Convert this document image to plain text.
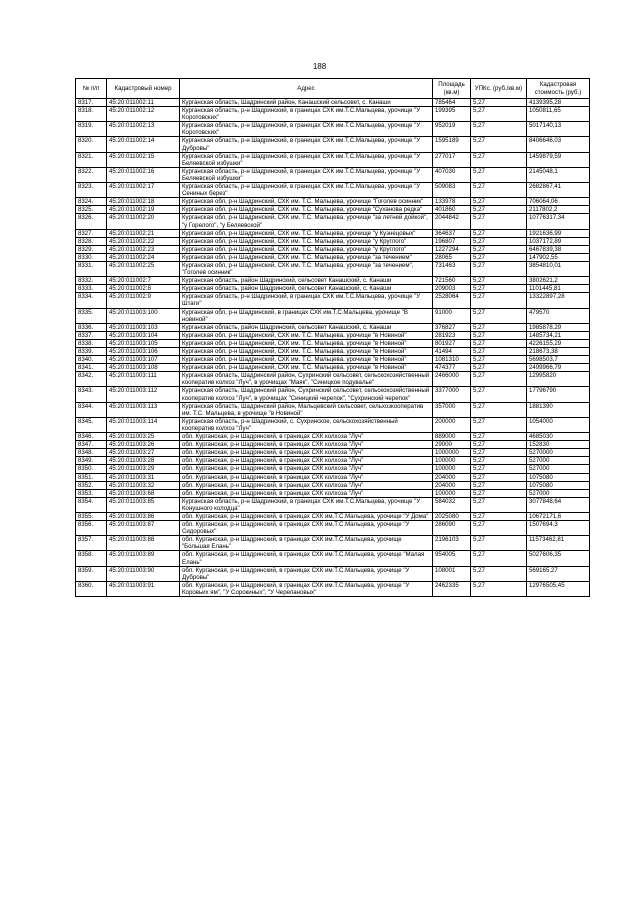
188
№ п/п	Кадастровый номер	Адрес	Площадь (кв.м)	УПКс. (руб./кв.м)	Кадастровая стоимость (руб.)
8317.	45:20:011002:11	Курганская область, Шадринский район, Канашский сельсовет, с. Канаши	785464	5,27	4139395,28
8318.	45:20:011002:12	Курганская область, р-н Шадринский, в границах СХК им.Т.С.Мальцева, урочище "У Коротовских"	199395	5,27	1050811,65
8319.	45:20:011002:13	Курганская область, р-н Шадринский, в границах СХК им.Т.С.Мальцева, урочище "У Коротовских"	952019	5,27	5017140,13
8320.	45:20:011002:14	Курганская область, р-н Шадринский, в границах СХК им.Т.С.Мальцева, урочище "У Дубровы"	1595189	5,27	8406646,03
8321.	45:20:011002:15	Курганская область, р-н Шадринский, в границах СХК им.Т.С.Мальцева, урочище "У Беляевской избушки"	277017	5,27	1459879,59
8322.	45:20:011002:16	Курганская область, р-н Шадринский, в границах СХК им.Т.С.Мальцева, урочище "У Беляевской избушки"	407030	5,27	2145048,1
8323.	45:20:011002:17	Курганская область, р-н Шадринский, в границах СХК им.Т.С.Мальцева, урочище "У Сениных берез"	509083	5,27	2682867,41
8324.	45:20:011002:18	Курганская обл, р-н Шадринский, СХК им. Т.С. Мальцева, урочище "Гоголев осинник"	133978	5,27	706064,06
8325.	45:20:011002:19	Курганская обл, р-н Шадринский, СХК им. Т.С. Мальцева, урочище "Суханова редка"	401860	5,27	2117802,2
8326.	45:20:011002:20	Курганская обл, р-н Шадринский, СХК им. Т.С. Мальцева, урочище "за летней дойкой", "у Горелого", "у Беляевской"	2044842	5,27	10776317,34
8327.	45:20:011002:21	Курганская обл, р-н Шадринский, СХК им. Т.С. Мальцева, урочище "у Кузнецовых"	364637	5,27	1921636,99
8328.	45:20:011002:22	Курганская обл, р-н Шадринский, СХК им. Т.С. Мальцева, урочище "у Круглого"	196807	5,27	1037172,89
8329.	45:20:011002:23	Курганская обл, р-н Шадринский, СХК им. Т.С. Мальцева, урочище "у Круглого"	1227294	5,27	6467839,38
8330.	45:20:011002:24	Курганская обл, р-н Шадринский, СХК им. Т.С. Мальцева, урочище "за течением"	28065	5,27	147902,55
8331.	45:20:011002:25	Курганская обл, р-н Шадринский, СХК им. Т.С. Мальцева, урочище "за течением", "Гоголев осинник"	731463	5,27	3854810,01
8332.	45:20:011002:7	Курганская область, район Шадринский, сельсовет Канашский, с. Канаши	721560	5,27	3802621,2
8333.	45:20:011002:8	Курганская область, район Шадринский, сельсовет Канашский, с. Канаши	209003	5,27	1101445,81
8334.	45:20:011002:9	Курганская область, р-н Шадринский, в границах СХК им.Т.С.Мальцева, урочище "У Штаги"	2528064	5,27	13322897,28
8335.	45:20:011003:100	Курганская обл, р-н Шадринский, в границах СХК им.Т.С.Мальцева, урочище "В новиной"	91000	5,27	479570
8336.	45:20:011003:103	Курганская область, район Шадринский, сельсовет Канашский, с. Канаши	376827	5,27	1985878,29
8337.	45:20:011003:104	Курганская обл, р-н Шадринский, СХК им. Т.С. Мальцева, урочище "в Новиной"	281923	5,27	1485734,21
8338.	45:20:011003:105	Курганская обл, р-н Шадринский, СХК им. Т.С. Мальцева, урочище "в Новиной"	801927	5,27	4226155,29
8339.	45:20:011003:106	Курганская обл, р-н Шадринский, СХК им. Т.С. Мальцева, урочище "в Новиной"	41494	5,27	218673,38
8340.	45:20:011003:107	Курганская обл, р-н Шадринский, СХК им. Т.С. Мальцева, урочище "в Новиной"	1081310	5,27	5698503,7
8341.	45:20:011003:108	Курганская обл, р-н Шадринский, СХК им. Т.С. Мальцева, урочище "в Новиной"	474377	5,27	2499966,79
8342.	45:20:011003:111	Курганская область, Шадринский район, Сухринский сельсовет, сельскохозяйственный кооператив колхоз "Луч", в урочищах "Маяк", "Синицкое подувалье"	2466000	5,27	12995820
8343.	45:20:011003:112	Курганская область, Шадринский район, Сухринский сельсовет, сельскохозяйственный кооператив колхоз "Луч", в урочищах "Синицкий черепок", "Сухринский черепок"	3377000	5,27	17796790
8344.	45:20:011003:113	Курганская область, Шадринский район, Мальцевский сельсовет, сельхозкооператив им. Т.С. Мальцева, в урочище "в Новиной"	357000	5,27	1881390
8345.	45:20:011003:114	Курганская область, р-н Шадринский, с. Сухринское, сельскохозяйственный кооператив колхоз "Луч"	200000	5,27	1054000
8346.	45:20:011003:25	обл. Курганская, р-н Шадринский, в границах СХК колхоза "Луч"	889000	5,27	4685030
8347.	45:20:011003:26	обл. Курганская, р-н Шадринский, в границах СХК колхоза "Луч"	29000	5,27	152830
8348.	45:20:011003:27	обл. Курганская, р-н Шадринский, в границах СХК колхоза "Луч"	1000000	5,27	5270000
8349.	45:20:011003:28	обл. Курганская, р-н Шадринский, в границах СХК колхоза "Луч"	100000	5,27	527000
8350.	45:20:011003:29	обл. Курганская, р-н Шадринский, в границах СХК колхоза "Луч"	100000	5,27	527000
8351.	45:20:011003:31	обл. Курганская, р-н Шадринский, в границах СХК колхоза "Луч"	204000	5,27	1075080
8352.	45:20:011003:32	обл. Курганская, р-н Шадринский, в границах СХК колхоза "Луч"	204000	5,27	1075080
8353.	45:20:011003:68	обл. Курганская, р-н Шадринский, в границах СХК колхоза "Луч"	100000	5,27	527000
8354.	45:20:011003:85	Курганская область, р-н Шадринский, в границах СХК им.Т.С.Мальцева, урочище "У Конушного колодца"	584032	5,27	3077848,64
8355.	45:20:011003:86	обл. Курганская, р-н Шадринский, в границах СХК им.Т.С.Мальцева, урочище "У Дома"	2025080	5,27	10672171,6
8356.	45:20:011003:87	обл. Курганская, р-н Шадринский, в границах СХК им.Т.С.Мальцева, урочище "У Сидоровых"	286090	5,27	1507694,3
8357.	45:20:011003:88	обл. Курганская, р-н Шадринский, в границах СХК им.Т.С.Мальцева, урочище "Большая Елань"	2196103	5,27	11573462,81
8358.	45:20:011003:89	обл. Курганская, р-н Шадринский, в границах СХК им.Т.С.Мальцева, урочище "Малая Елань"	954005	5,27	5027606,35
8359.	45:20:011003:90	обл. Курганская, р-н Шадринский, в границах СХК им.Т.С.Мальцева, урочище "У Дубровы"	108001	5,27	569165,27
8360.	45:20:011003:91	обл. Курганская, р-н Шадринский, в границах СХК им.Т.С.Мальцева, урочище "У Коровьих ям", "У Сорокиных", "У Черепановых"	2462335	5,27	12976505,45
